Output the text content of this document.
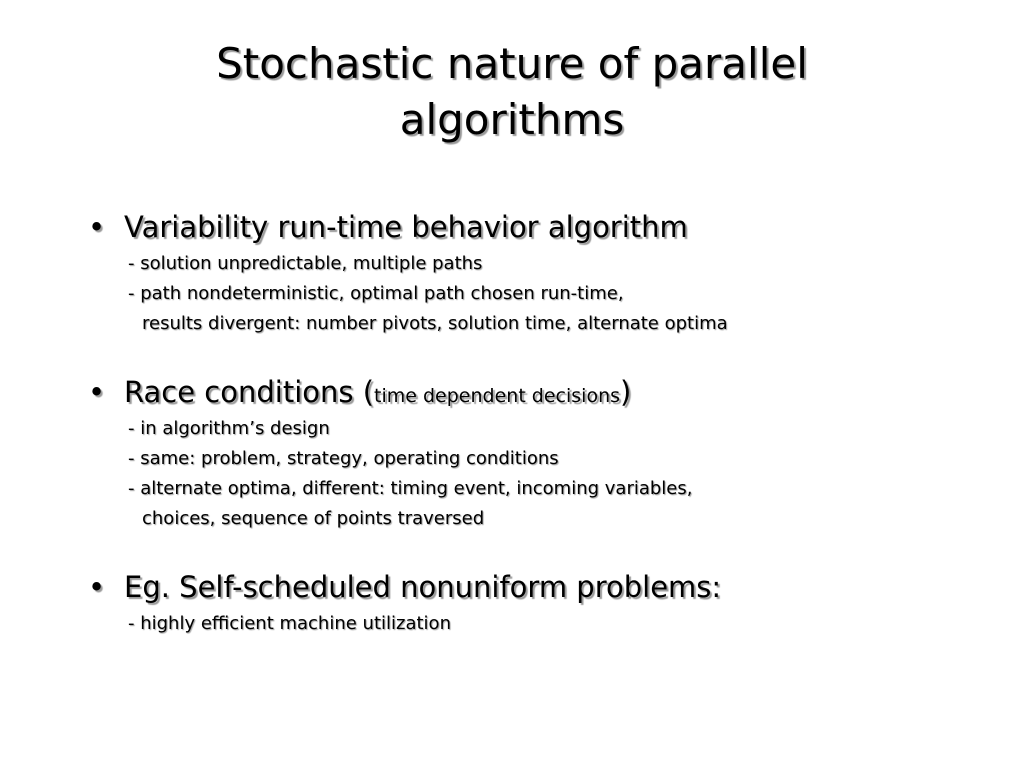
Stochastic nature of parallel
algorithms
• Variability run-time behavior algorithm
- solution unpredictable, multiple paths
- path nondeterministic, optimal path chosen run-time,
results divergent: number pivots, solution time, alternate optima
• Race conditions (time dependent decisions)
- in algorithm’s design
- same: problem, strategy, operating conditions
- alternate optima, different: timing event, incoming variables,
choices, sequence of points traversed
• Eg. Self-scheduled nonuniform problems:
- highly efficient machine utilization
